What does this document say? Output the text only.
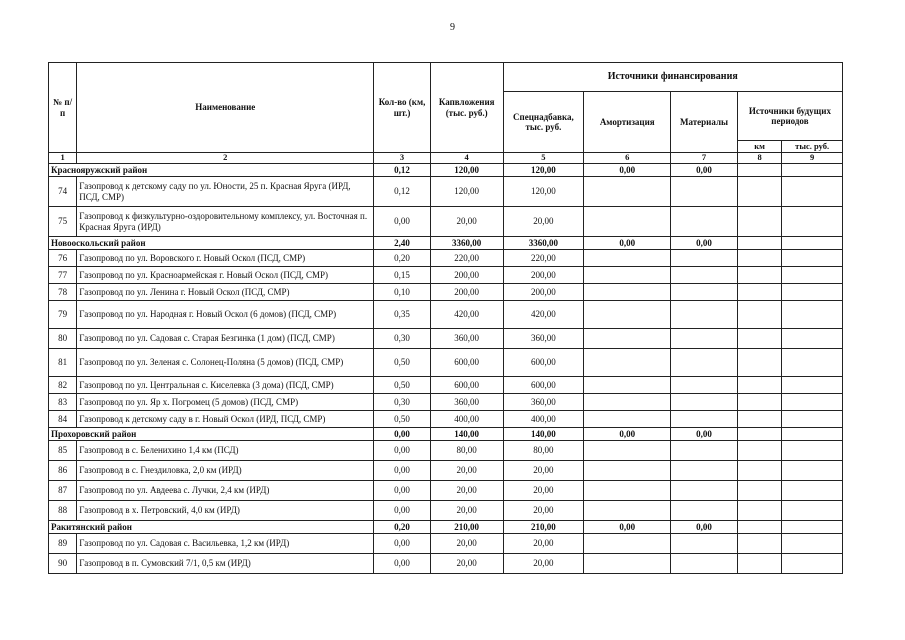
9
№ п/п	Наименование	Кол-во (км, шт.)	Капвложения (тыс. руб.)	Источники финансирования				
				Спецнадбавка, тыс. руб.	Амортизация	Материалы	Источники будущих периодов	
							км	тыс. руб.
1	2	3	4	5	6	7	8	9
Краснояружский район		0,12	120,00	120,00	0,00	0,00		
74	Газопровод к детскому саду по ул. Юности, 25 п. Красная Яруга (ИРД, ПСД, СМР)	0,12	120,00	120,00				
75	Газопровод к физкультурно-оздоровительному комплексу, ул. Восточная п. Красная Яруга (ИРД)	0,00	20,00	20,00				
Новооскольский район		2,40	3360,00	3360,00	0,00	0,00		
76	Газопровод по ул. Воровского г. Новый Оскол (ПСД, СМР)	0,20	220,00	220,00				
77	Газопровод по ул. Красноармейская г. Новый Оскол (ПСД, СМР)	0,15	200,00	200,00				
78	Газопровод по ул. Ленина г. Новый Оскол (ПСД, СМР)	0,10	200,00	200,00				
79	Газопровод по ул. Народная г. Новый Оскол (6 домов) (ПСД, СМР)	0,35	420,00	420,00				
80	Газопровод по ул. Садовая с. Старая Безгинка (1 дом) (ПСД, СМР)	0,30	360,00	360,00				
81	Газопровод по ул. Зеленая с. Солонец-Поляна (5 домов) (ПСД, СМР)	0,50	600,00	600,00				
82	Газопровод по ул. Центральная с. Киселевка (3 дома) (ПСД, СМР)	0,50	600,00	600,00				
83	Газопровод по ул. Яр х. Погромец (5 домов) (ПСД, СМР)	0,30	360,00	360,00				
84	Газопровод к детскому саду в г. Новый Оскол (ИРД, ПСД, СМР)	0,50	400,00	400,00				
Прохоровский район		0,00	140,00	140,00	0,00	0,00		
85	Газопровод в с. Беленихино 1,4 км (ПСД)	0,00	80,00	80,00				
86	Газопровод в с. Гнездиловка, 2,0 км (ИРД)	0,00	20,00	20,00				
87	Газопровод по ул. Авдеева с. Лучки, 2,4 км (ИРД)	0,00	20,00	20,00				
88	Газопровод в х. Петровский, 4,0 км (ИРД)	0,00	20,00	20,00				
Ракитянский район		0,20	210,00	210,00	0,00	0,00		
89	Газопровод по ул. Садовая с. Васильевка, 1,2 км (ИРД)	0,00	20,00	20,00				
90	Газопровод в п. Сумовский 7/1, 0,5 км (ИРД)	0,00	20,00	20,00				
